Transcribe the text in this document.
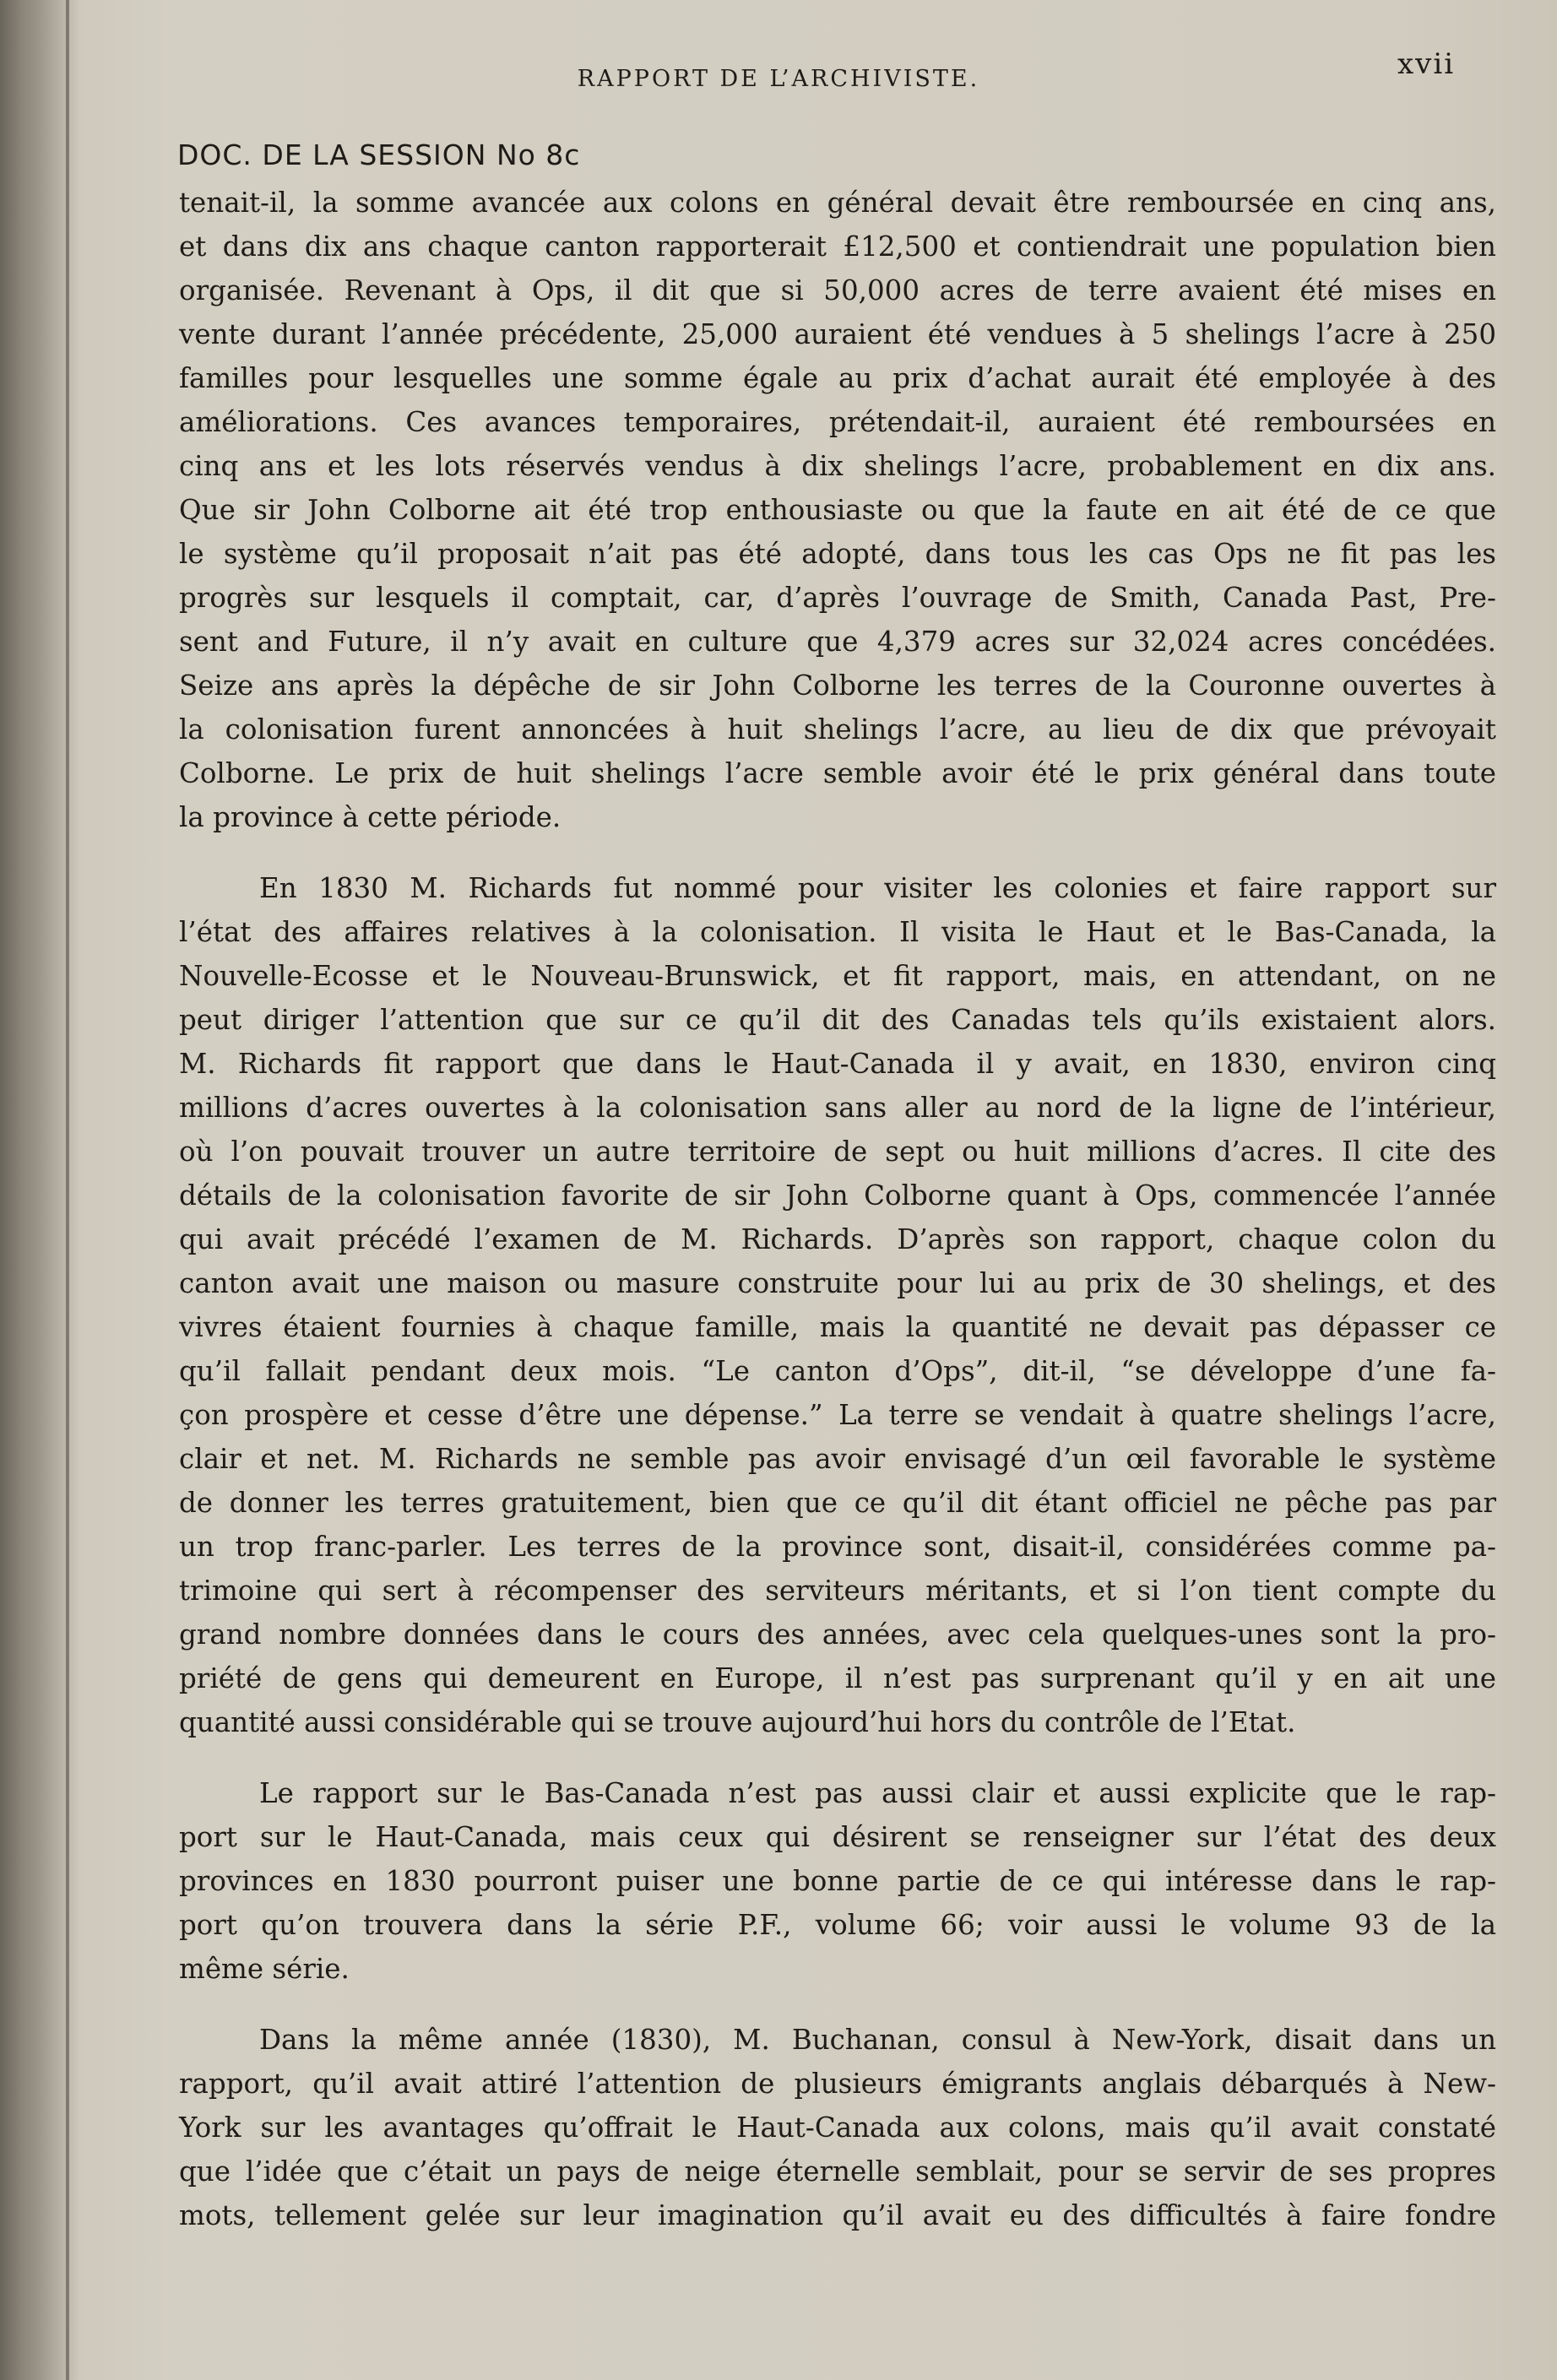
RAPPORT DE L’ARCHIVISTE.	xvii
DOC. DE LA SESSION No 8c
tenait-il, la somme avancée aux colons en général devait être remboursée en cinq ans,
et dans dix ans chaque canton rapporterait £12,500 et contiendrait une population bien
organisée. Revenant à Ops, il dit que si 50,000 acres de terre avaient été mises en
vente durant l’année précédente, 25,000 auraient été vendues à 5 shelings l’acre à 250
familles pour lesquelles une somme égale au prix d’achat aurait été employée à des
améliorations. Ces avances temporaires, prétendait-il, auraient été remboursées en
cinq ans et les lots réservés vendus à dix shelings l’acre, probablement en dix ans.
Que sir John Colborne ait été trop enthousiaste ou que la faute en ait été de ce que
le système qu’il proposait n’ait pas été adopté, dans tous les cas Ops ne fit pas les
progrès sur lesquels il comptait, car, d’après l’ouvrage de Smith, Canada Past, Pre-
sent and Future, il n’y avait en culture que 4,379 acres sur 32,024 acres concédées.
Seize ans après la dépêche de sir John Colborne les terres de la Couronne ouvertes à
la colonisation furent annoncées à huit shelings l’acre, au lieu de dix que prévoyait
Colborne. Le prix de huit shelings l’acre semble avoir été le prix général dans toute
la province à cette période.
En 1830 M. Richards fut nommé pour visiter les colonies et faire rapport sur
l’état des affaires relatives à la colonisation. Il visita le Haut et le Bas-Canada, la
Nouvelle-Ecosse et le Nouveau-Brunswick, et fit rapport, mais, en attendant, on ne
peut diriger l’attention que sur ce qu’il dit des Canadas tels qu’ils existaient alors.
M. Richards fit rapport que dans le Haut-Canada il y avait, en 1830, environ cinq
millions d’acres ouvertes à la colonisation sans aller au nord de la ligne de l’intérieur,
où l’on pouvait trouver un autre territoire de sept ou huit millions d’acres. Il cite des
détails de la colonisation favorite de sir John Colborne quant à Ops, commencée l’année
qui avait précédé l’examen de M. Richards. D’après son rapport, chaque colon du
canton avait une maison ou masure construite pour lui au prix de 30 shelings, et des
vivres étaient fournies à chaque famille, mais la quantité ne devait pas dépasser ce
qu’il fallait pendant deux mois. “Le canton d’Ops”, dit-il, “se développe d’une fa-
çon prospère et cesse d’être une dépense.” La terre se vendait à quatre shelings l’acre,
clair et net. M. Richards ne semble pas avoir envisagé d’un œil favorable le système
de donner les terres gratuitement, bien que ce qu’il dit étant officiel ne pêche pas par
un trop franc-parler. Les terres de la province sont, disait-il, considérées comme pa-
trimoine qui sert à récompenser des serviteurs méritants, et si l’on tient compte du
grand nombre données dans le cours des années, avec cela quelques-unes sont la pro-
priété de gens qui demeurent en Europe, il n’est pas surprenant qu’il y en ait une
quantité aussi considérable qui se trouve aujourd’hui hors du contrôle de l’Etat.
Le rapport sur le Bas-Canada n’est pas aussi clair et aussi explicite que le rap-
port sur le Haut-Canada, mais ceux qui désirent se renseigner sur l’état des deux
provinces en 1830 pourront puiser une bonne partie de ce qui intéresse dans le rap-
port qu’on trouvera dans la série P.F., volume 66; voir aussi le volume 93 de la
même série.
Dans la même année (1830), M. Buchanan, consul à New-York, disait dans un
rapport, qu’il avait attiré l’attention de plusieurs émigrants anglais débarqués à New-
York sur les avantages qu’offrait le Haut-Canada aux colons, mais qu’il avait constaté
que l’idée que c’était un pays de neige éternelle semblait, pour se servir de ses propres
mots, tellement gelée sur leur imagination qu’il avait eu des difficultés à faire fondre
